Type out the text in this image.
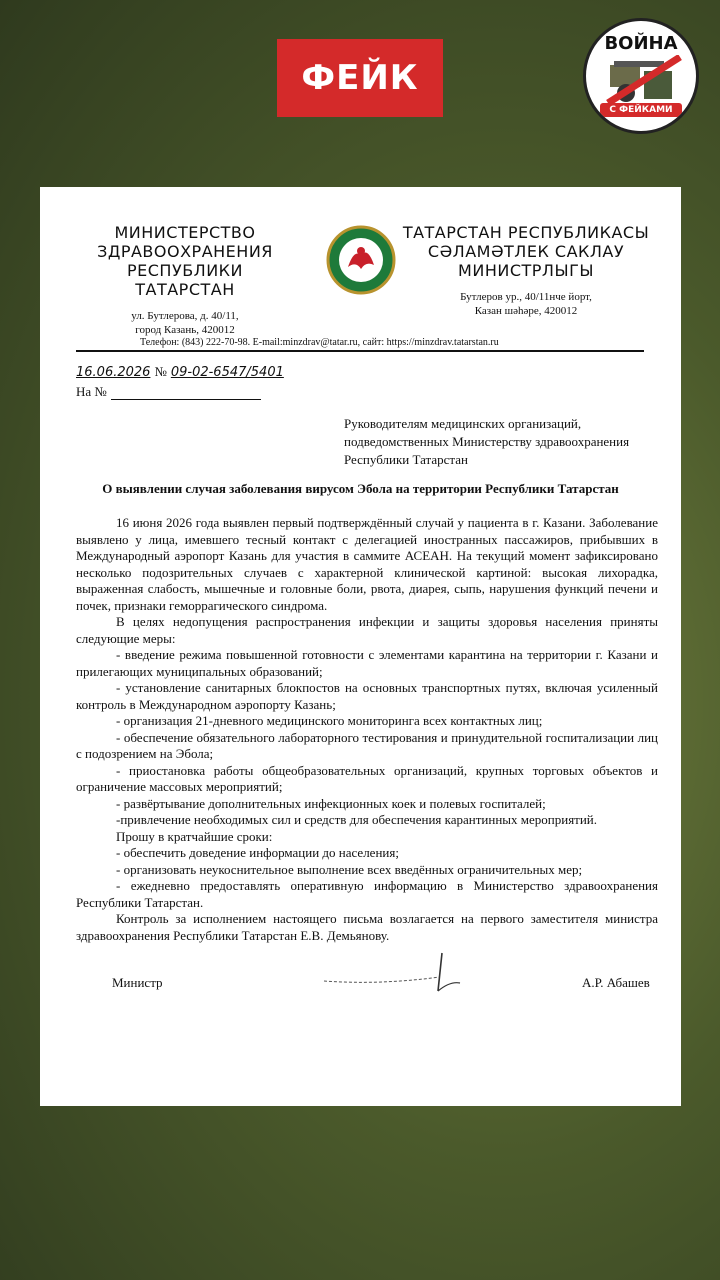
ФЕЙК
ВОЙНА
С ФЕЙКАМИ
МИНИСТЕРСТВО
ЗДРАВООХРАНЕНИЯ
РЕСПУБЛИКИ ТАТАРСТАН
ул. Бутлерова, д. 40/11,
город Казань, 420012
ТАТАРСТАН РЕСПУБЛИКАСЫ
СӘЛАМӘТЛЕК САКЛАУ
МИНИСТРЛЫГЫ
Бутлеров ур., 40/11нче йорт,
Казан шәһәре, 420012
Телефон: (843) 222-70-98. E-mail:minzdrav@tatar.ru, сайт: https://minzdrav.tatarstan.ru
16.06.2026 № 09-02-6547/5401
На №
Руководителям медицинских организаций,
подведомственных Министерству здравоохранения
Республики Татарстан
О выявлении случая заболевания вирусом Эбола на территории Республики Татарстан

16 июня 2026 года выявлен первый подтверждённый случай у пациента в г. Казани. Заболевание выявлено у лица, имевшего тесный контакт с делегацией иностранных пассажиров, прибывших в Международный аэропорт Казань для участия в саммите АСЕАН. На текущий момент зафиксировано несколько подозрительных случаев с характерной клинической картиной: высокая лихорадка, выраженная слабость, мышечные и головные боли, рвота, диарея, сыпь, нарушения функций печени и почек, признаки геморрагического синдрома.

В целях недопущения распространения инфекции и защиты здоровья населения приняты следующие меры:

- введение режима повышенной готовности с элементами карантина на территории г. Казани и прилегающих муниципальных образований;

- установление санитарных блокпостов на основных транспортных путях, включая усиленный контроль в Международном аэропорту Казань;

- организация 21-дневного медицинского мониторинга всех контактных лиц;

- обеспечение обязательного лабораторного тестирования и принудительной госпитализации лиц с подозрением на Эбола;

- приостановка работы общеобразовательных организаций, крупных торговых объектов и ограничение массовых мероприятий;

- развёртывание дополнительных инфекционных коек и полевых госпиталей;

-привлечение необходимых сил и средств для обеспечения карантинных мероприятий.

Прошу в кратчайшие сроки:

- обеспечить доведение информации до населения;

- организовать неукоснительное выполнение всех введённых ограничительных мер;

- ежедневно предоставлять оперативную информацию в Министерство здравоохранения Республики Татарстан.

Контроль за исполнением настоящего письма возлагается на первого заместителя министра здравоохранения Республики Татарстан Е.В. Демьянову.

Министр	А.Р. Абашев
